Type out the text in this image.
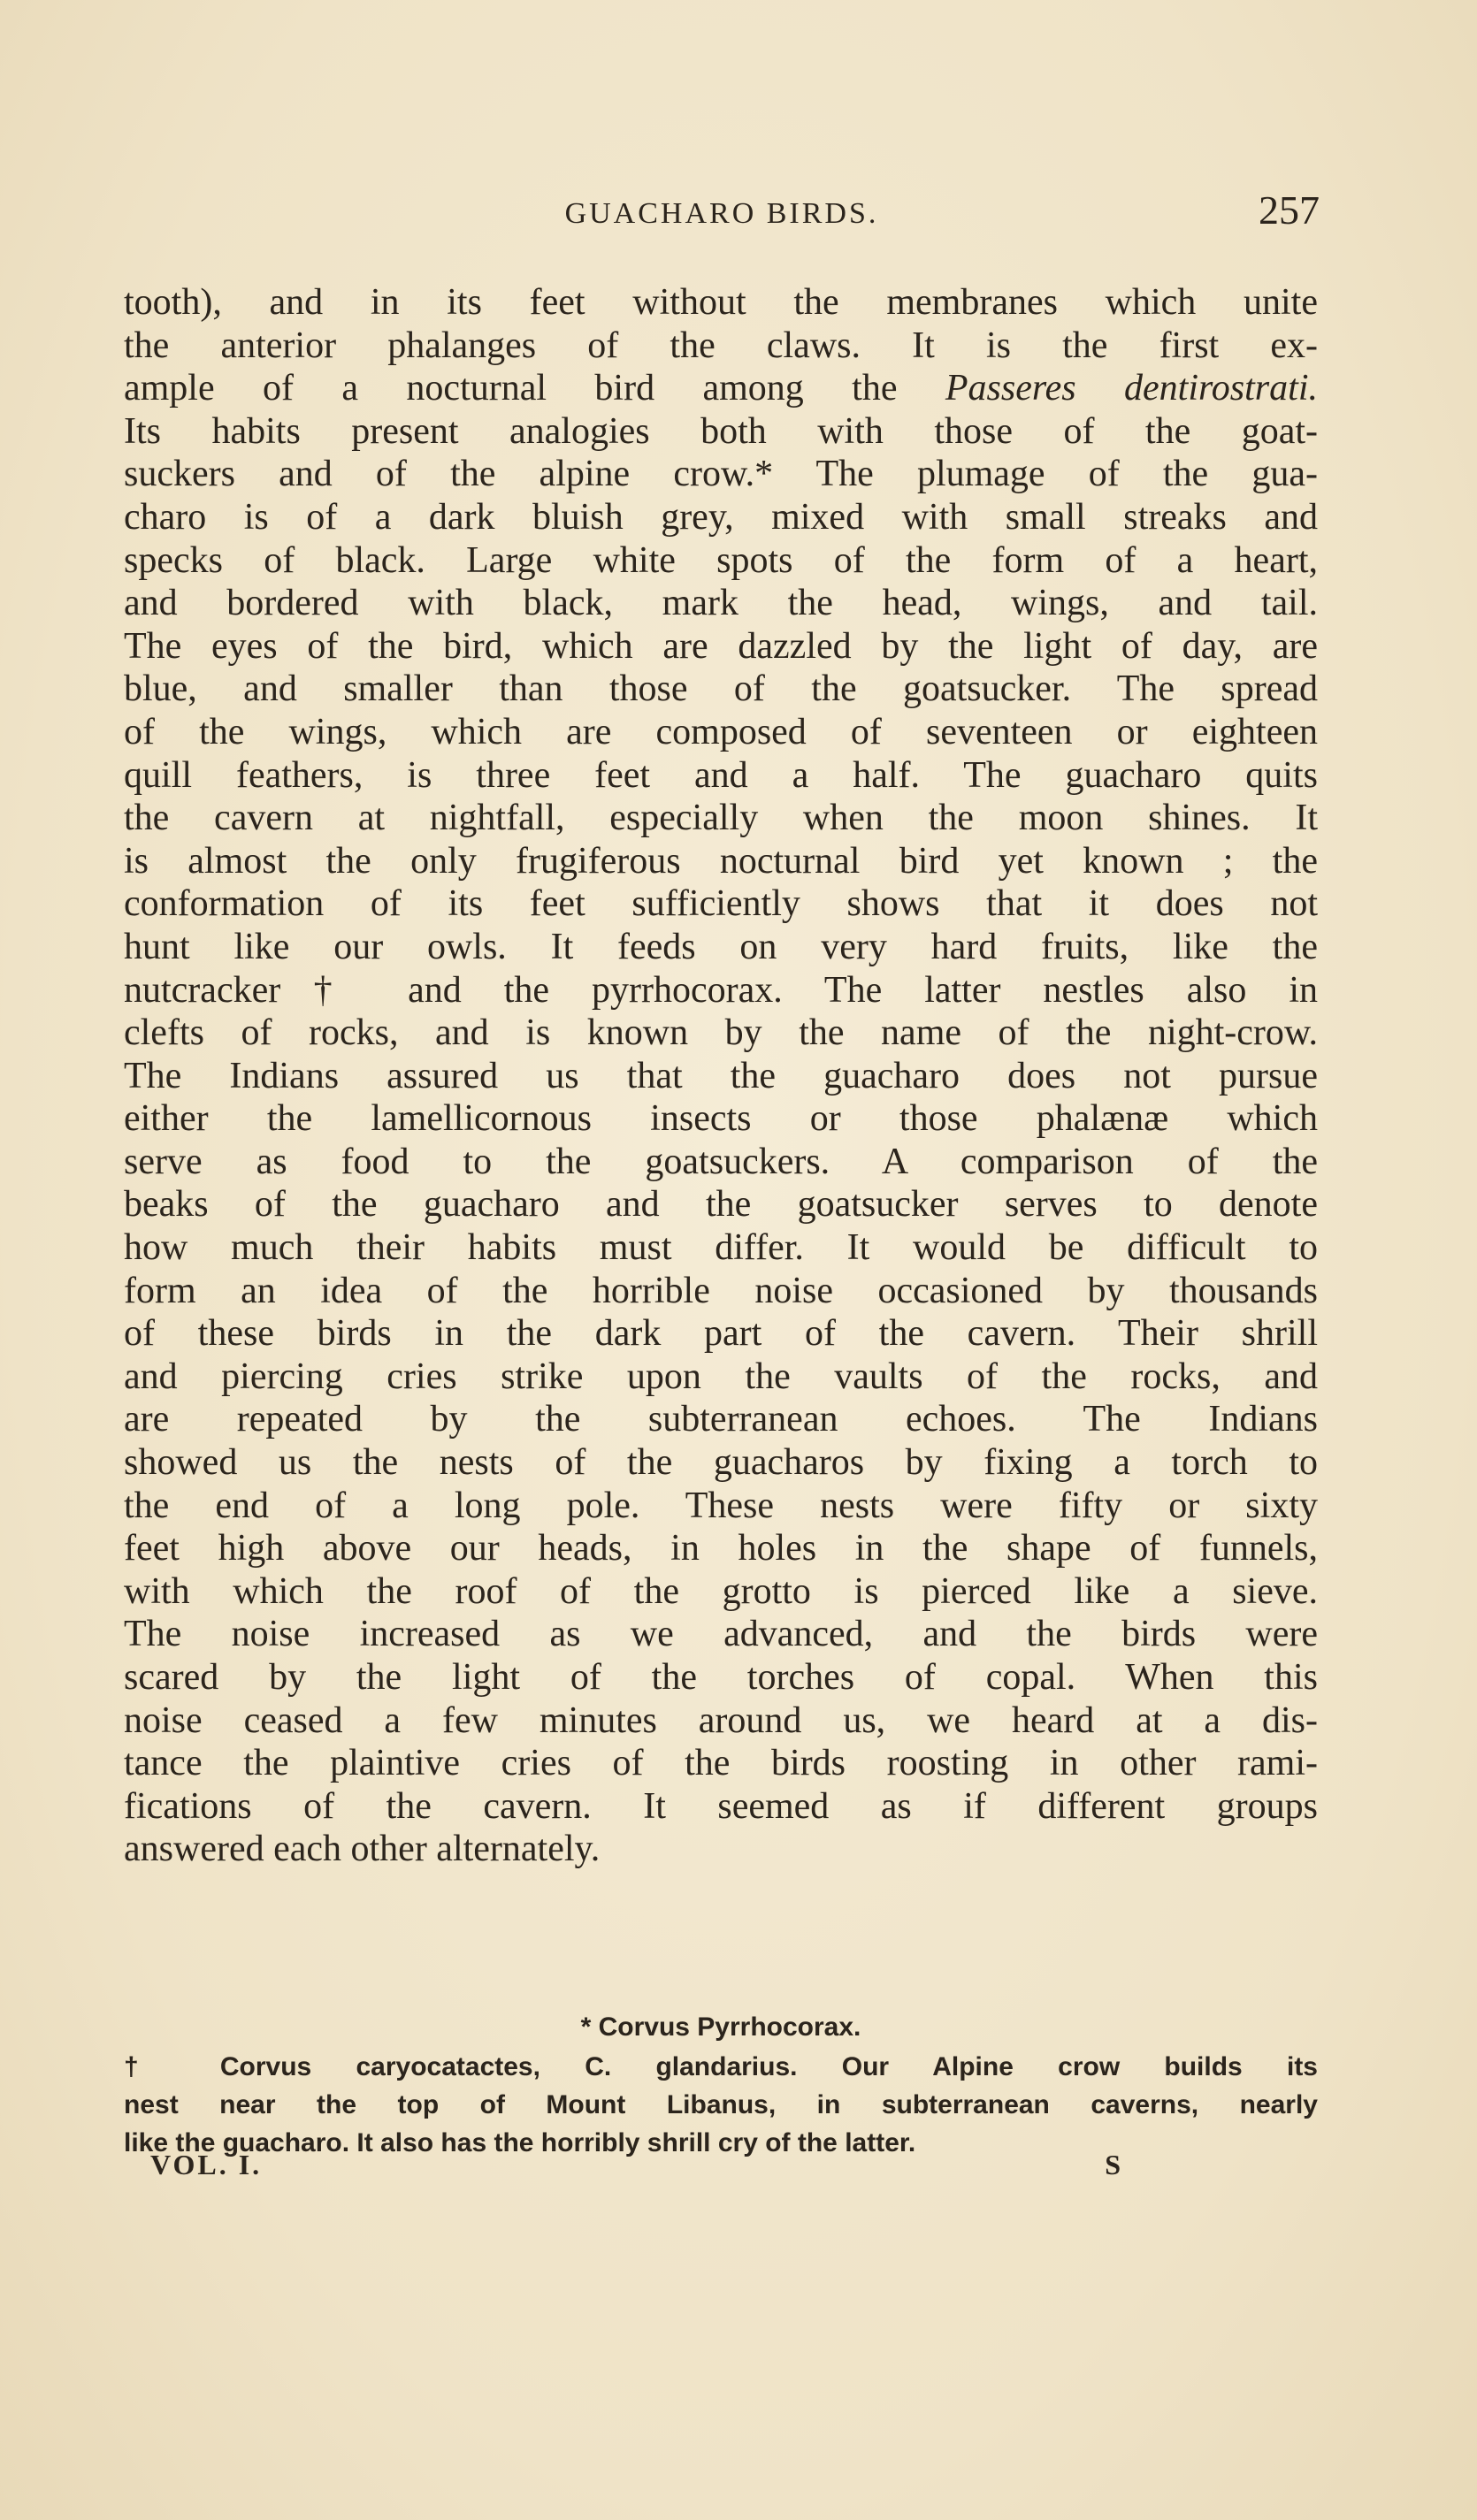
GUACHARO BIRDS.	257
tooth), and in its feet without the membranes which unite
the anterior phalanges of the claws. It is the first ex-
ample of a nocturnal bird among the Passeres dentirostrati.
Its habits present analogies both with those of the goat-
suckers and of the alpine crow.* The plumage of the gua-
charo is of a dark bluish grey, mixed with small streaks and
specks of black. Large white spots of the form of a heart,
and bordered with black, mark the head, wings, and tail.
The eyes of the bird, which are dazzled by the light of day, are
blue, and smaller than those of the goatsucker. The spread
of the wings, which are composed of seventeen or eighteen
quill feathers, is three feet and a half. The guacharo quits
the cavern at nightfall, especially when the moon shines. It
is almost the only frugiferous nocturnal bird yet known ; the
conformation of its feet sufficiently shows that it does not
hunt like our owls. It feeds on very hard fruits, like the
nutcracker† and the pyrrhocorax. The latter nestles also in
clefts of rocks, and is known by the name of the night-crow.
The Indians assured us that the guacharo does not pursue
either the lamellicornous insects or those phalænæ which
serve as food to the goatsuckers. A comparison of the
beaks of the guacharo and the goatsucker serves to denote
how much their habits must differ. It would be difficult to
form an idea of the horrible noise occasioned by thousands
of these birds in the dark part of the cavern. Their shrill
and piercing cries strike upon the vaults of the rocks, and
are repeated by the subterranean echoes. The Indians
showed us the nests of the guacharos by fixing a torch to
the end of a long pole. These nests were fifty or sixty
feet high above our heads, in holes in the shape of funnels,
with which the roof of the grotto is pierced like a sieve.
The noise increased as we advanced, and the birds were
scared by the light of the torches of copal. When this
noise ceased a few minutes around us, we heard at a dis-
tance the plaintive cries of the birds roosting in other rami-
fications of the cavern. It seemed as if different groups
answered each other alternately.
* Corvus Pyrrhocorax.
† Corvus caryocatactes, C. glandarius. Our Alpine crow builds its
nest near the top of Mount Libanus, in subterranean caverns, nearly
like the guacharo. It also has the horribly shrill cry of the latter.
VOL. I.	S
